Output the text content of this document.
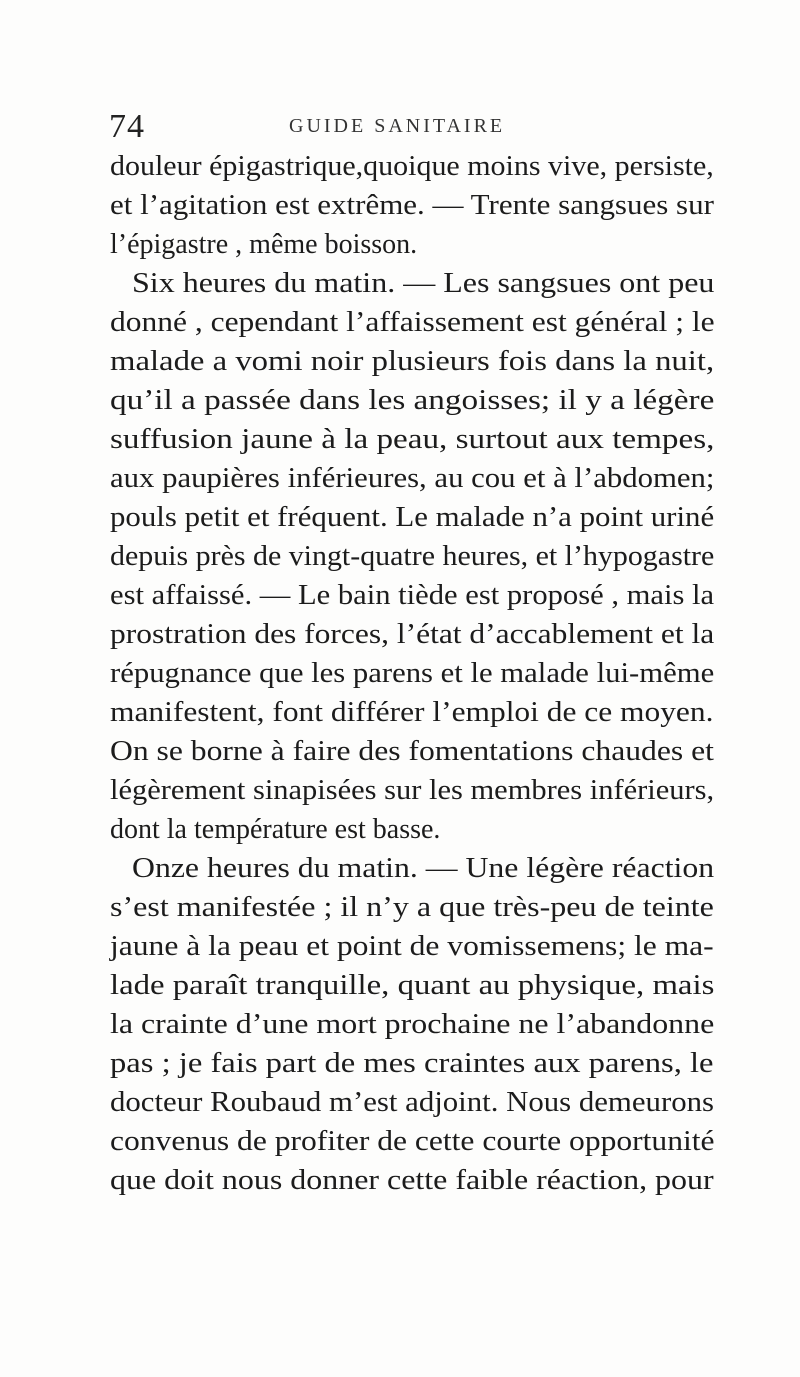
74	GUIDE SANITAIRE
douleur épigastrique,quoique moins vive, persiste,
et l’agitation est extrême. — Trente sangsues sur
l’épigastre , même boisson.
Six heures du matin. — Les sangsues ont peu
donné , cependant l’affaissement est général ; le
malade a vomi noir plusieurs fois dans la nuit,
qu’il a passée dans les angoisses; il y a légère
suffusion jaune à la peau, surtout aux tempes,
aux paupières inférieures, au cou et à l’abdomen;
pouls petit et fréquent. Le malade n’a point uriné
depuis près de vingt-quatre heures, et l’hypogastre
est affaissé. — Le bain tiède est proposé , mais la
prostration des forces, l’état d’accablement et la
répugnance que les parens et le malade lui-même
manifestent, font différer l’emploi de ce moyen.
On se borne à faire des fomentations chaudes et
légèrement sinapisées sur les membres inférieurs,
dont la température est basse.
Onze heures du matin. — Une légère réaction
s’est manifestée ; il n’y a que très-peu de teinte
jaune à la peau et point de vomissemens; le ma-
lade paraît tranquille, quant au physique, mais
la crainte d’une mort prochaine ne l’abandonne
pas ; je fais part de mes craintes aux parens, le
docteur Roubaud m’est adjoint. Nous demeurons
convenus de profiter de cette courte opportunité
que doit nous donner cette faible réaction, pour
